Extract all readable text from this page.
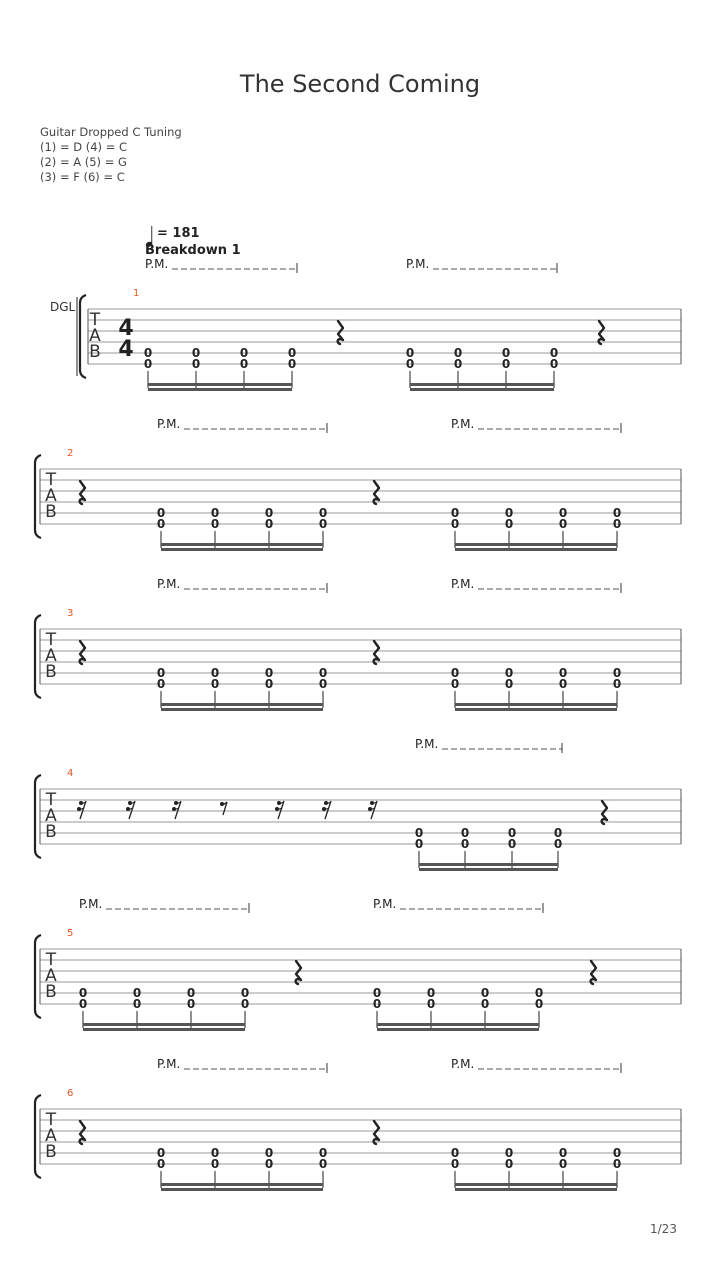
The Second Coming
Guitar Dropped C Tuning
(1) = D (4) = C
(2) = A (5) = G
(3) = F (6) = C
= 181
Breakdown 1
DGL
T
A
B
1
4
4 0
0
0
0
0
0
0
0
0
0
0
0
0
0
0
0
P.M.	P.M.
T
A
B
2
0
0
0
0
0
0
0
0
0
0
0
0
0
0
0
0
P.M.	P.M.
T
A
B
3
0
0
0
0
0
0
0
0
0
0
0
0
0
0
0
0
P.M.	P.M.
T
A
B
4
0
0
0
0
0
0
0
0
P.M.
T
A
B
5
0
0
0
0
0
0
0
0
0
0
0
0
0
0
0
0
P.M.	P.M.
T
A
B
6
0
0
0
0
0
0
0
0
0
0
0
0
0
0
0
0
P.M.	P.M.
1/23
